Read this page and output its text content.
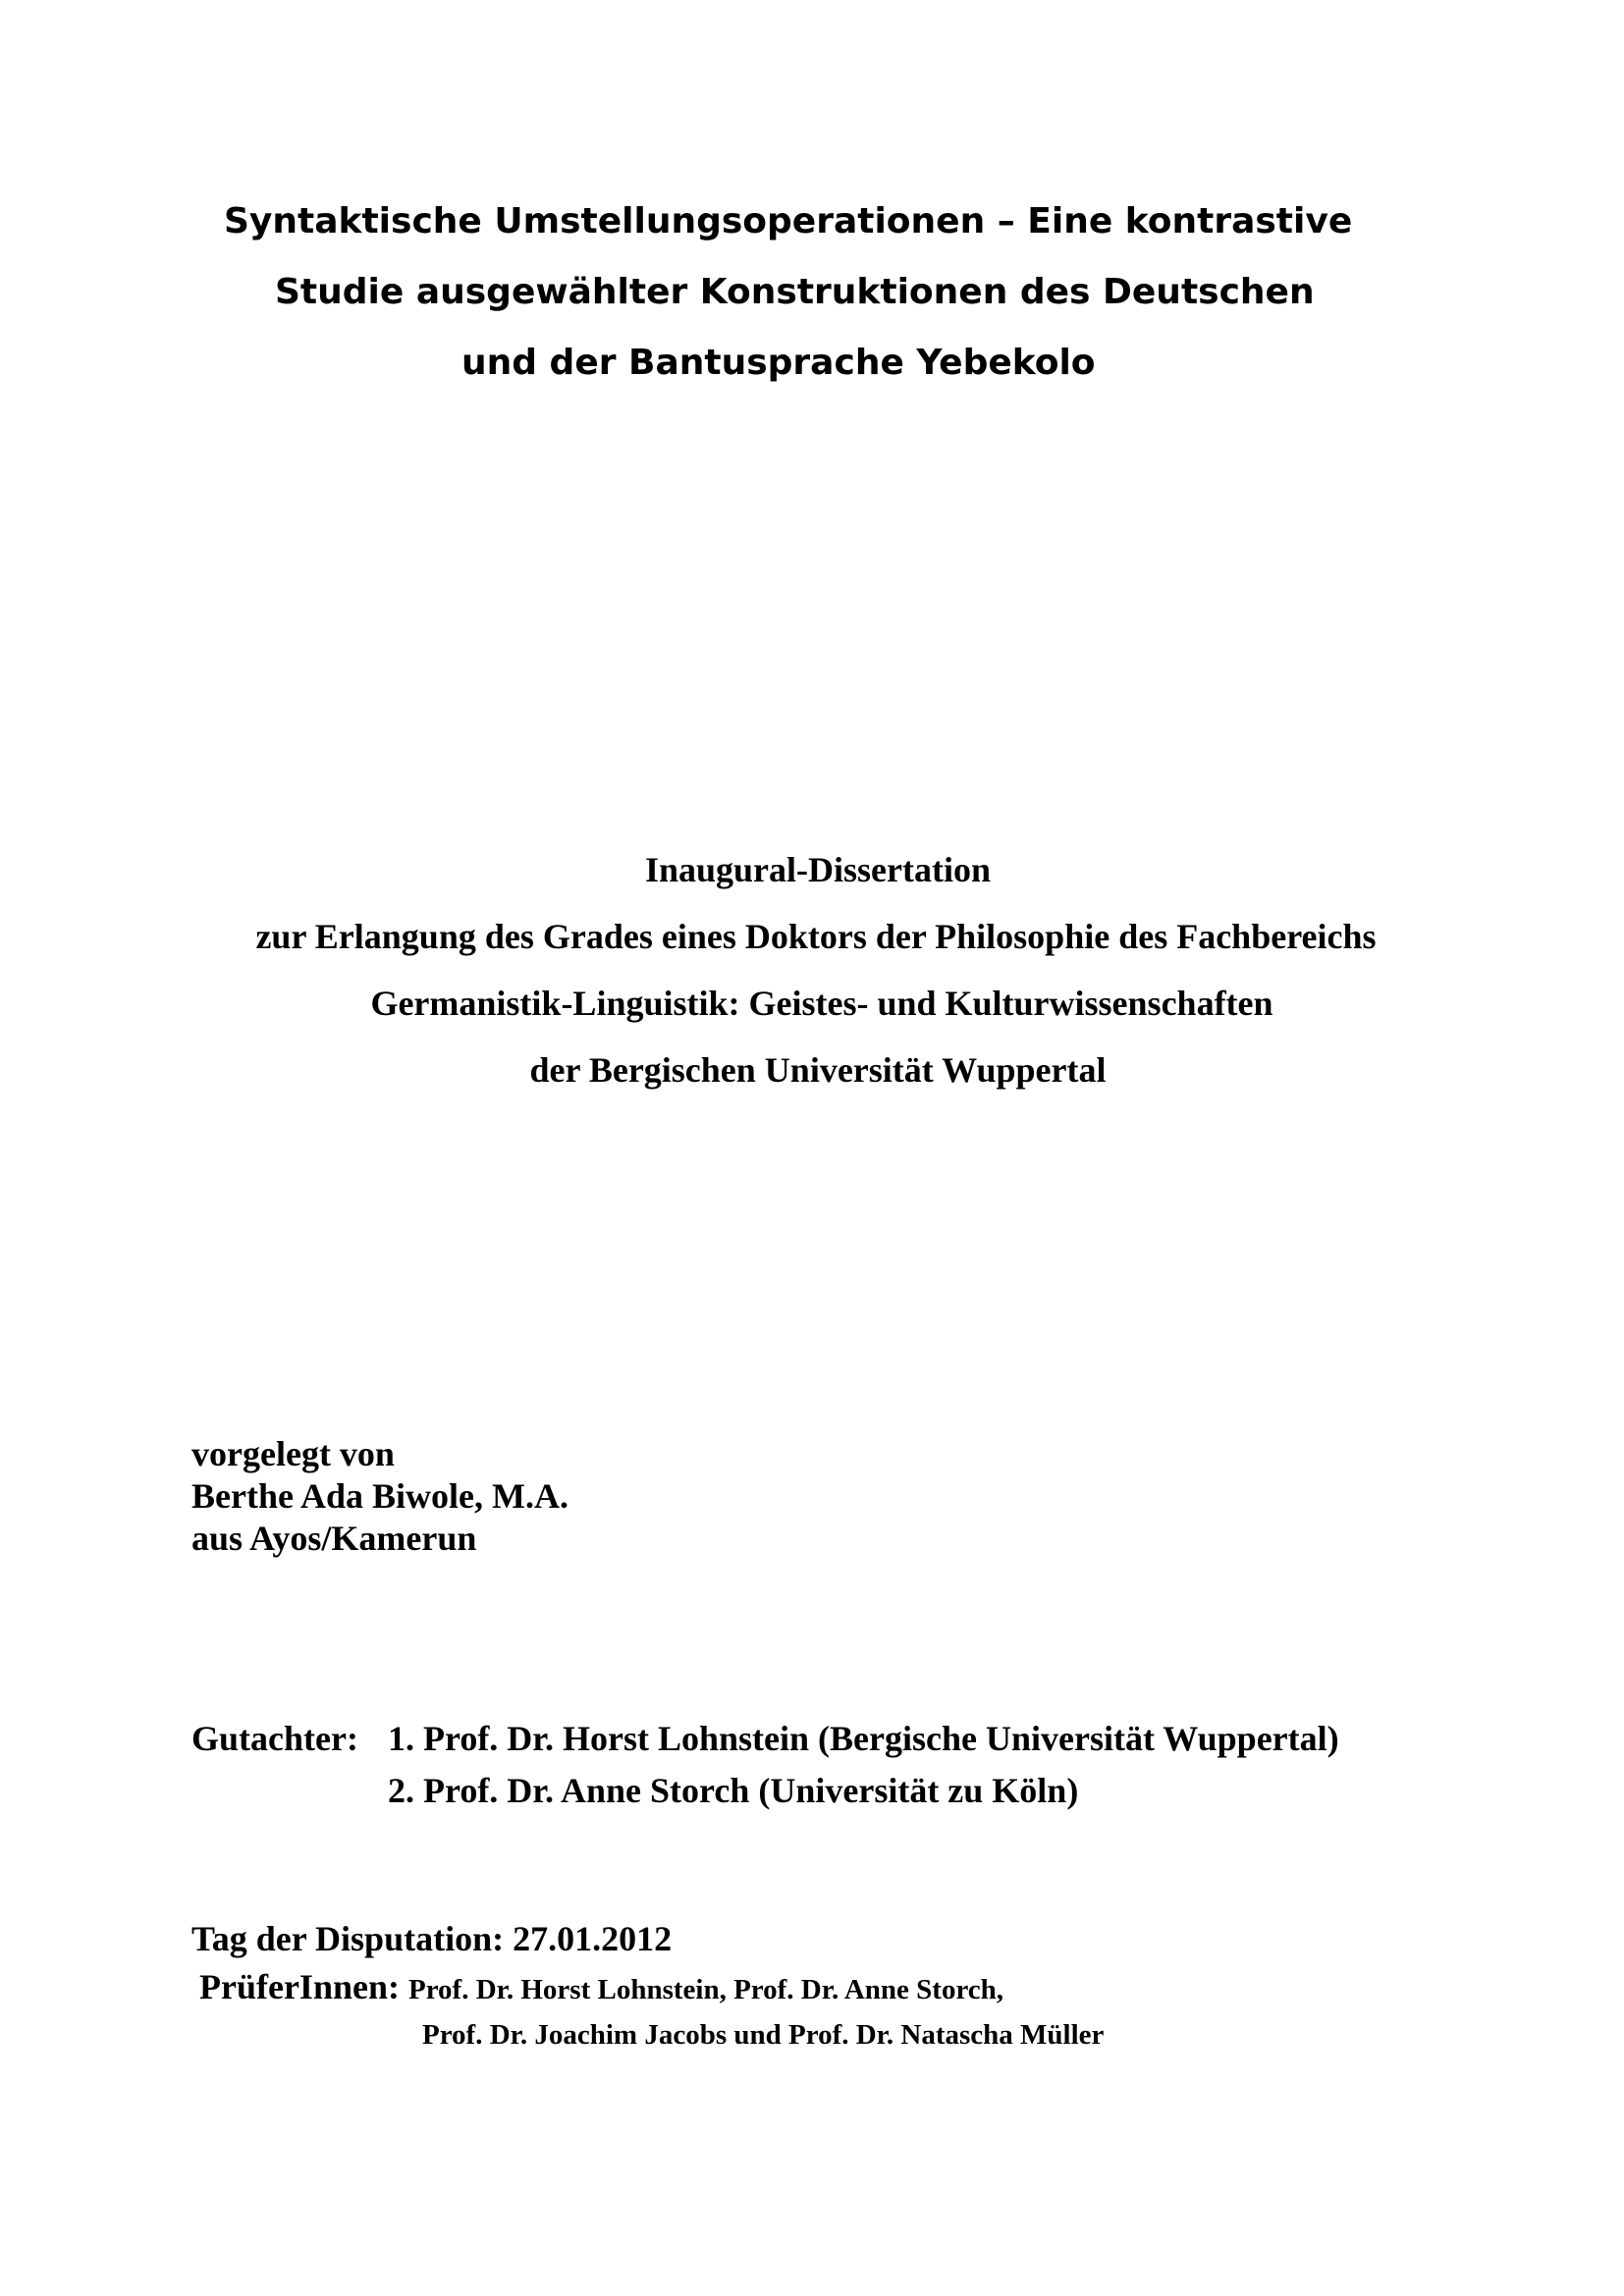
Syntaktische Umstellungsoperationen – Eine kontrastive
Studie ausgewählter Konstruktionen des Deutschen
und der Bantusprache Yebekolo
Inaugural-Dissertation
zur Erlangung des Grades eines Doktors der Philosophie des Fachbereichs
Germanistik-Linguistik: Geistes- und Kulturwissenschaften
der Bergischen Universität Wuppertal
vorgelegt von
Berthe Ada Biwole, M.A.
aus Ayos/Kamerun
Gutachter: 1. Prof. Dr. Horst Lohnstein (Bergische Universität Wuppertal)
2. Prof. Dr. Anne Storch (Universität zu Köln)
Tag der Disputation: 27.01.2012
PrüferInnen: Prof. Dr. Horst Lohnstein, Prof. Dr. Anne Storch,
Prof. Dr. Joachim Jacobs und Prof. Dr. Natascha Müller
